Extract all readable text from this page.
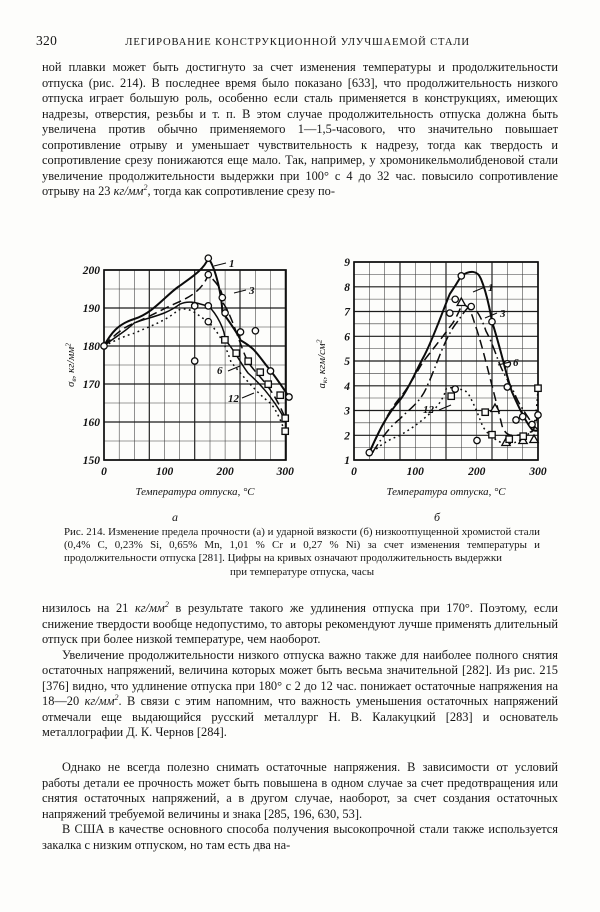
320	ЛЕГИРОВАНИЕ КОНСТРУКЦИОННОЙ УЛУЧШАЕМОЙ СТАЛИ

ной плавки может быть достигнуто за счет изменения температуры и продолжительности отпуска (рис. 214). В последнее время было показано [633], что продолжительность низкого отпуска играет большую роль, особенно если сталь применяется в конструкциях, имеющих надрезы, отверстия, резьбы и т. п. В этом случае продолжительность отпуска должна быть увеличена против обычно применяемого 1—1,5-часового, что значительно повышает сопротивление отрыву и уменьшает чувствительность к надрезу, тогда как твердость и сопротивление срезу понижаются еще мало. Так, например, у хромоникельмолибденовой стали увеличение продолжительности выдержки при 100° с 4 до 32 час. повысило сопротивление отрыву на 23 $кг/мм^2$, тогда как сопротивление срезу по-

200
190
180
170
160
150
0	100	200	300
Температура отпуска, °C
σв, $кг/мм^2$
1
3
6
12
9
8
7
6
5
4
3
2
1
0	100	200	300
Температура отпуска, °C
aк, кгм/$см^2$
1
3
6
12
а	б
Рис. 214. Изменение предела прочности (а) и ударной вязкости (б) низкоотпущенной хромистой стали (0,4% C, 0,23% Si, 0,65% Mn, 1,01 % Cr и 0,27 % Ni) за счет изменения температуры и продолжительности отпуска [281]. Цифры на кривых означают продолжительность выдержки
при температуре отпуска, часы

низилось на 21 $кг/мм^2$ в результате такого же удлинения отпуска при 170°. Поэтому, если снижение твердости вообще недопустимо, то авторы рекомендуют лучше применять длительный отпуск при более низкой температуре, чем наоборот.

Увеличение продолжительности низкого отпуска важно также для наиболее полного снятия остаточных напряжений, величина которых может быть весьма значительной [282]. Из рис. 215 [376] видно, что удлинение отпуска при 180° с 2 до 12 час. понижает остаточные напряжения на 18—20 $кг/мм^2$. В связи с этим напомним, что важность уменьшения остаточных напряжений отмечали еще выдающийся русский металлург Н. В. Калакуцкий [283] и основатель металлографии Д. К. Чернов [284].

Однако не всегда полезно снимать остаточные напряжения. В зависимости от условий работы детали ее прочность может быть повышена в одном случае за счет предотвращения или снятия остаточных напряжений, а в другом случае, наоборот, за счет создания остаточных напряжений требуемой величины и знака [285, 196, 630, 53].

В США в качестве основного способа получения высокопрочной стали также используется закалка с низким отпуском, но там есть два на-
